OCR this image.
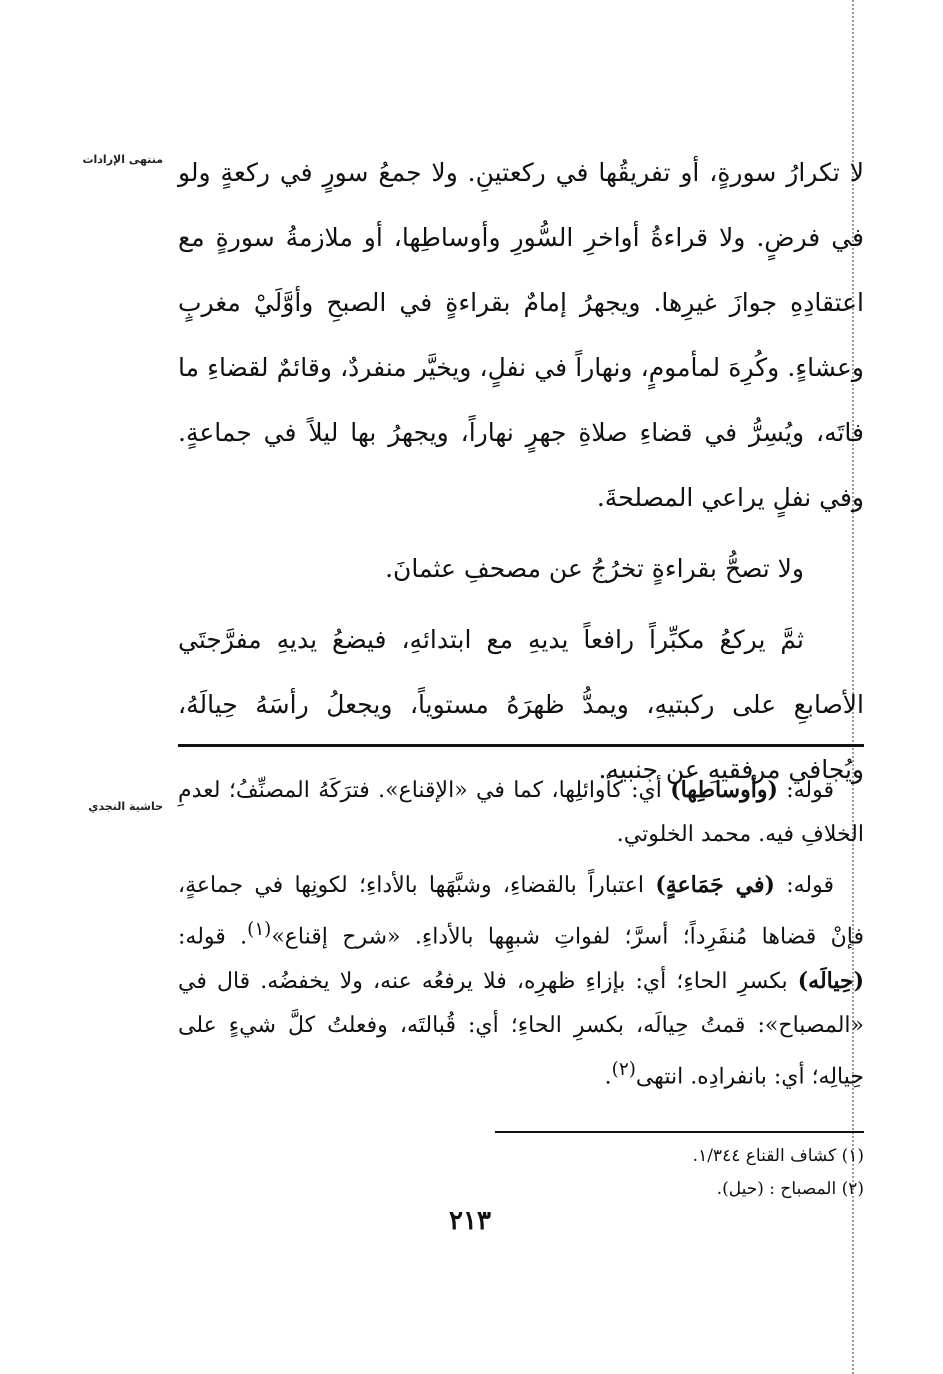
منتهى الإرادات لا تكرارُ سورةٍ، أو تفريقُها في ركعتينِ. ولا جمعُ سورٍ في ركعةٍ ولو في فرضٍ. ولا قراءةُ أواخرِ السُّورِ وأوساطِها، أو ملازمةُ سورةٍ مع اعتقادِهِ جوازَ غيرِها. ويجهرُ إمامٌ بقراءةٍ في الصبحِ وأوَّلَيْ مغربٍ وعشاءٍ. وكُرِهَ لمأمومٍ، ونهاراً في نفلٍ، ويخيَّر منفردٌ، وقائمٌ لقضاءِ ما فاتَه، ويُسِرُّ في قضاءِ صلاةِ جهرٍ نهاراً، ويجهرُ بها ليلاً في جماعةٍ. وفي نفلٍ يراعي المصلحةَ.

ولا تصحُّ بقراءةٍ تخرُجُ عن مصحفِ عثمانَ.

ثمَّ يركعُ مكبِّراً رافعاً يديهِ مع ابتدائهِ، فيضعُ يديهِ مفرَّجتَي الأصابعِ على ركبتيهِ، ويمدُّ ظهرَهُ مستوياً، ويجعلُ رأسَهُ حِيالَهُ، ويُجافي مرفقيهِ عن جنبيه.

حاشية النجدي

قوله: (وأوساطِها) أي: كأوائلِها، كما في «الإقناع». فترَكَهُ المصنِّفُ؛ لعدمِ الخلافِ فيه. محمد الخلوتي.

قوله: (في جَمَاعةٍ) اعتباراً بالقضاءِ، وشبَّهَها بالأداءِ؛ لكونِها في جماعةٍ، فإنْ قضاها مُنفَرِداً؛ أسرَّ؛ لفواتِ شبهِها بالأداءِ. «شرح إقناع»$^{(١)}$. قوله: (حِيالَه) بكسرِ الحاءِ؛ أي: بإزاءِ ظهرِه، فلا يرفعُه عنه، ولا يخفضُه. قال في «المصباح»: قمتُ حِيالَه، بكسرِ الحاءِ؛ أي: قُبالتَه، وفعلتُ كلَّ شيءٍ على حِيالِه؛ أي: بانفرادِه. انتهى$^{(٢)}$.

(١) كشاف القناع ١/٣٤٤.
(٢) المصباح : (حيل).
٢١٣
